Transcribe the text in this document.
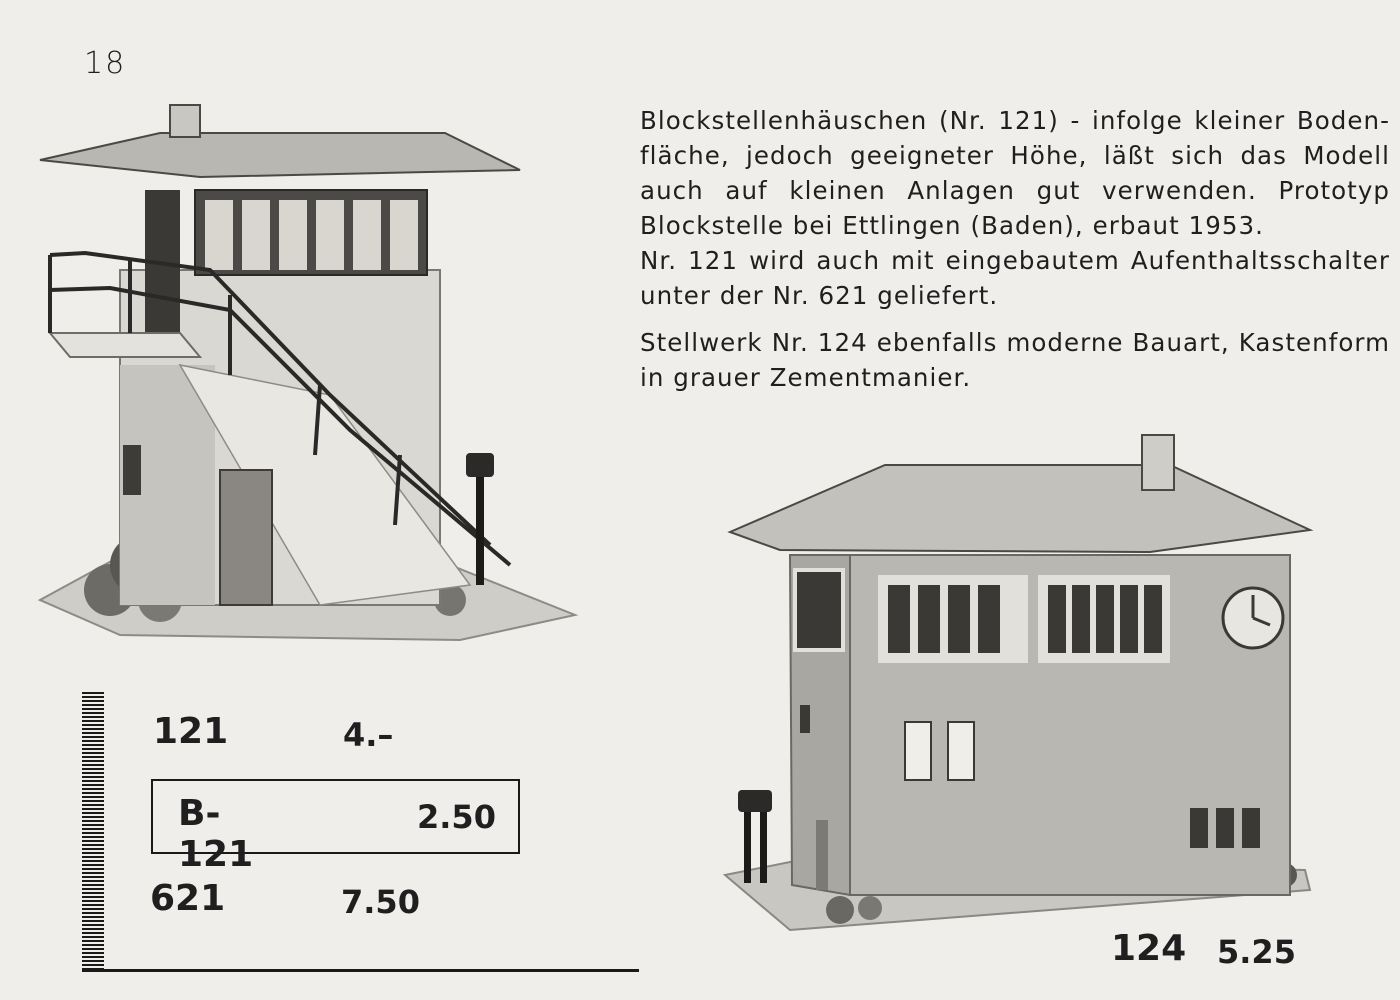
18

Blockstellenhäuschen (Nr. 121) - infolge kleiner Boden-
fläche, jedoch geeigneter Höhe, läßt sich das Modell
auch auf kleinen Anlagen gut verwenden. Prototyp
Blockstelle bei Ettlingen (Baden), erbaut 1953.
Nr. 121 wird auch mit eingebautem Aufenthaltsschalter
unter der Nr. 621 geliefert.

Stellwerk Nr. 124 ebenfalls moderne Bauart, Kastenform
in grauer Zementmanier.

121	4.–
B-121
2.50
621	7.50
124 5.25
